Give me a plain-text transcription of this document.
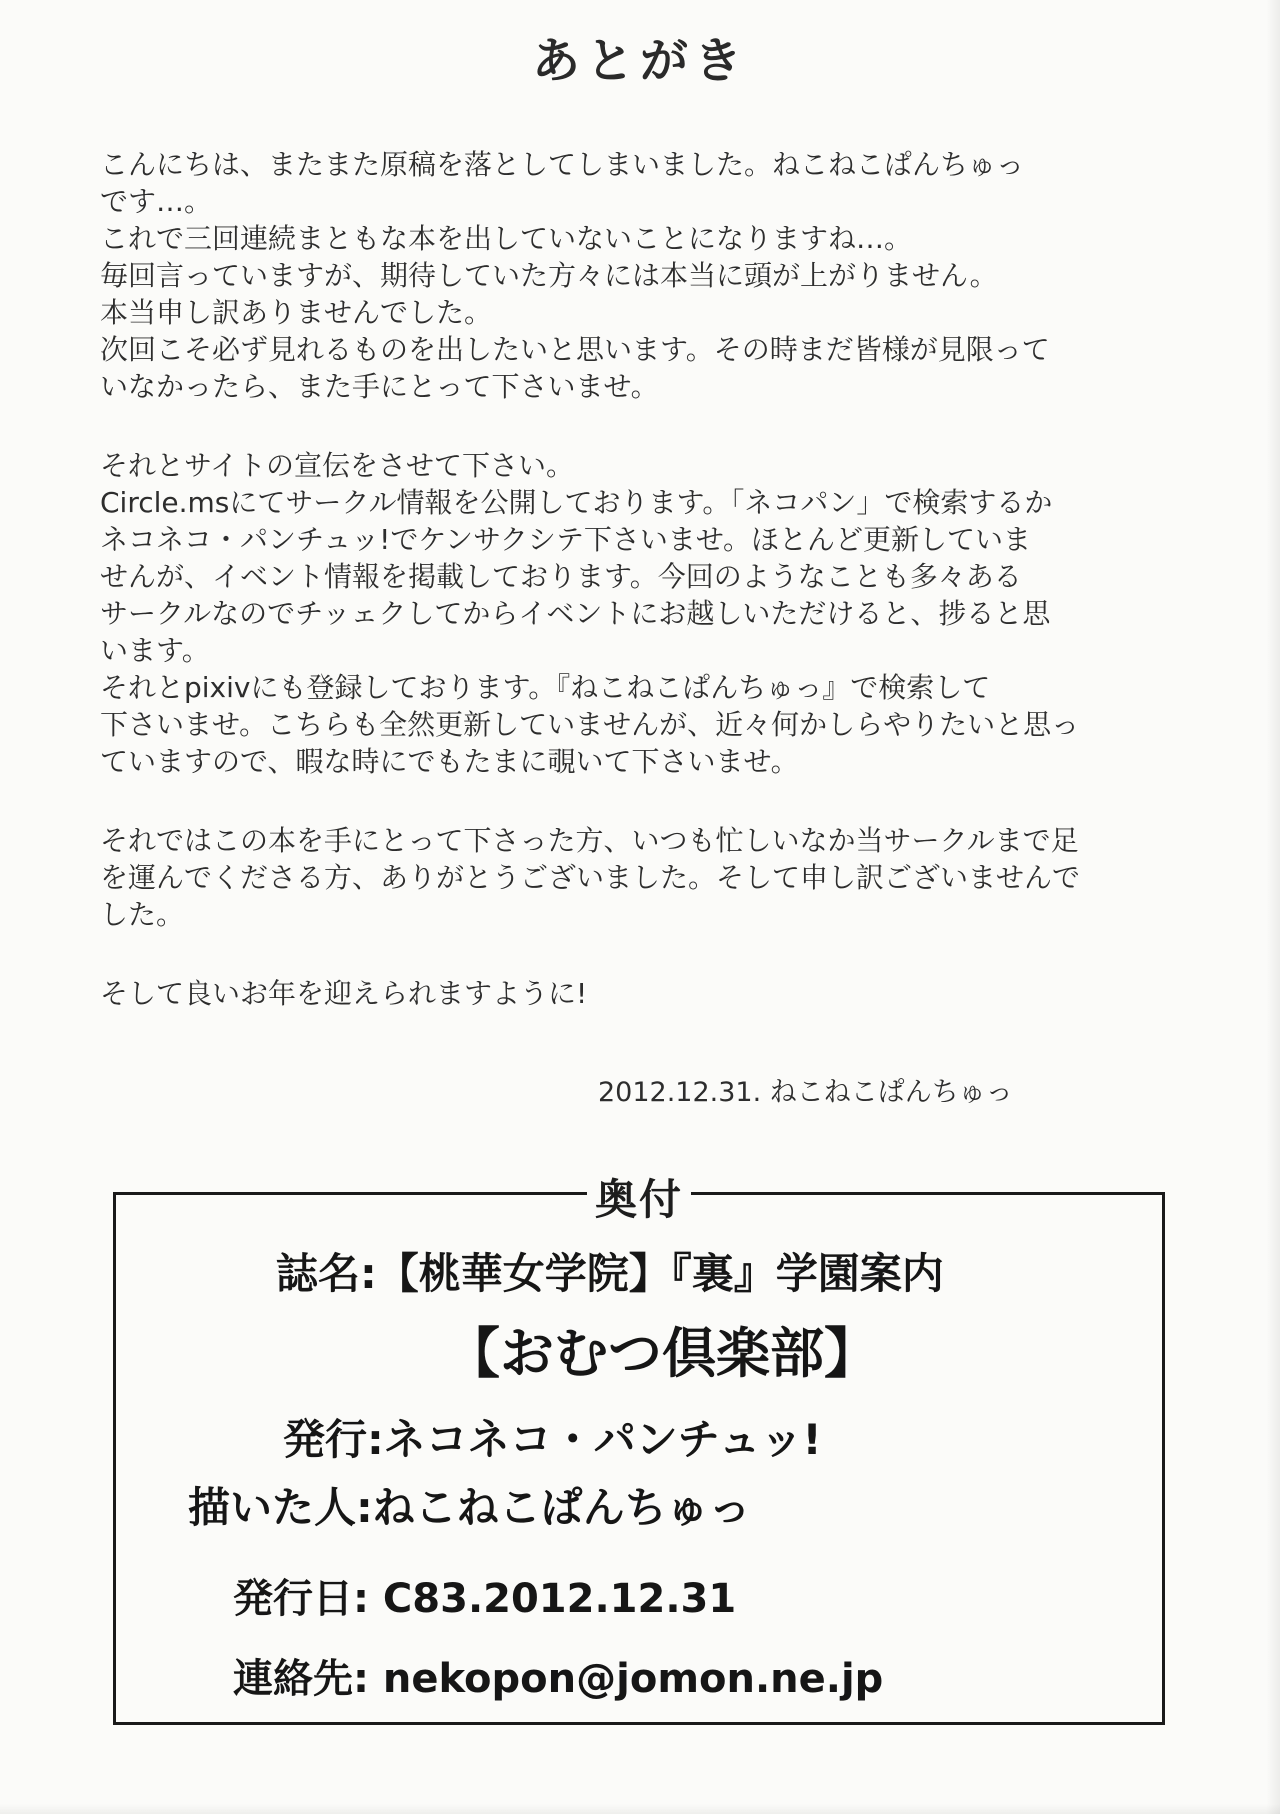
あとがき
こんにちは、またまた原稿を落としてしまいました。ねこねこぱんちゅっ
です…。
これで三回連続まともな本を出していないことになりますね…。
毎回言っていますが、期待していた方々には本当に頭が上がりません。
本当申し訳ありませんでした。
次回こそ必ず見れるものを出したいと思います。その時まだ皆様が見限って
いなかったら、また手にとって下さいませ。
それとサイトの宣伝をさせて下さい。
Circle.msにてサークル情報を公開しております。「ネコパン」で検索するか
ネコネコ・パンチュッ!でケンサクシテ下さいませ。ほとんど更新していま
せんが、イベント情報を掲載しております。今回のようなことも多々ある
サークルなのでチッェクしてからイベントにお越しいただけると、捗ると思
います。
それとpixivにも登録しております。『ねこねこぱんちゅっ』で検索して
下さいませ。こちらも全然更新していませんが、近々何かしらやりたいと思っ
ていますので、暇な時にでもたまに覗いて下さいませ。
それではこの本を手にとって下さった方、いつも忙しいなか当サークルまで足
を運んでくださる方、ありがとうございました。そして申し訳ございませんで
した。
そして良いお年を迎えられますように!
2012.12.31. ねこねこぱんちゅっ
奥付
誌名:【桃華女学院】『裏』学園案内
【おむつ倶楽部】
発行:ネコネコ・パンチュッ!
描いた人:ねこねこぱんちゅっ
発行日: C83.2012.12.31
連絡先: nekopon@jomon.ne.jp
